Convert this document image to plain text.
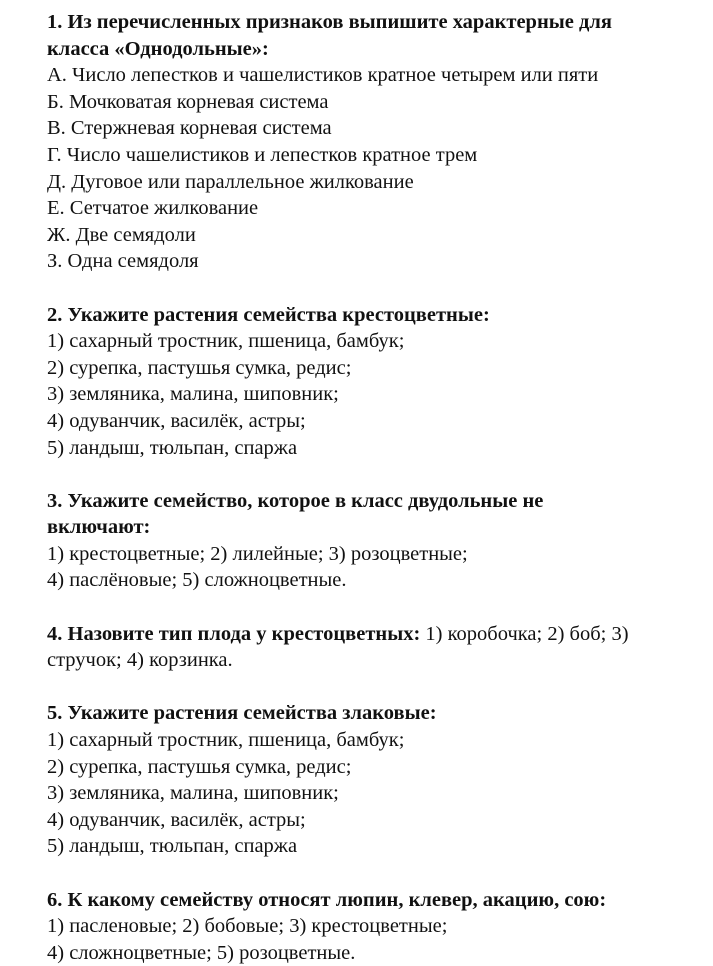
1. Из перечисленных признаков выпишите характерные для
класса «Однодольные»:
А. Число лепестков и чашелистиков кратное четырем или пяти
Б. Мочковатая корневая система
В. Стержневая корневая система
Г. Число чашелистиков и лепестков кратное трем
Д. Дуговое или параллельное жилкование
Е. Сетчатое жилкование
Ж. Две семядоли
З. Одна семядоля
2. Укажите растения семейства крестоцветные:
1) сахарный тростник, пшеница, бамбук;
2) сурепка, пастушья сумка, редис;
3) земляника, малина, шиповник;
4) одуванчик, василёк, астры;
5) ландыш, тюльпан, спаржа
3. Укажите семейство, которое в класс двудольные не
включают:
1) крестоцветные; 2) лилейные; 3) розоцветные;
4) паслёновые; 5) сложноцветные.
4. Назовите тип плода у крестоцветных: 1) коробочка; 2) боб; 3)
стручок; 4) корзинка.
5. Укажите растения семейства злаковые:
1) сахарный тростник, пшеница, бамбук;
2) сурепка, пастушья сумка, редис;
3) земляника, малина, шиповник;
4) одуванчик, василёк, астры;
5) ландыш, тюльпан, спаржа
6. К какому семейству относят люпин, клевер, акацию, сою:
1) пасленовые; 2) бобовые; 3) крестоцветные;
4) сложноцветные; 5) розоцветные.
